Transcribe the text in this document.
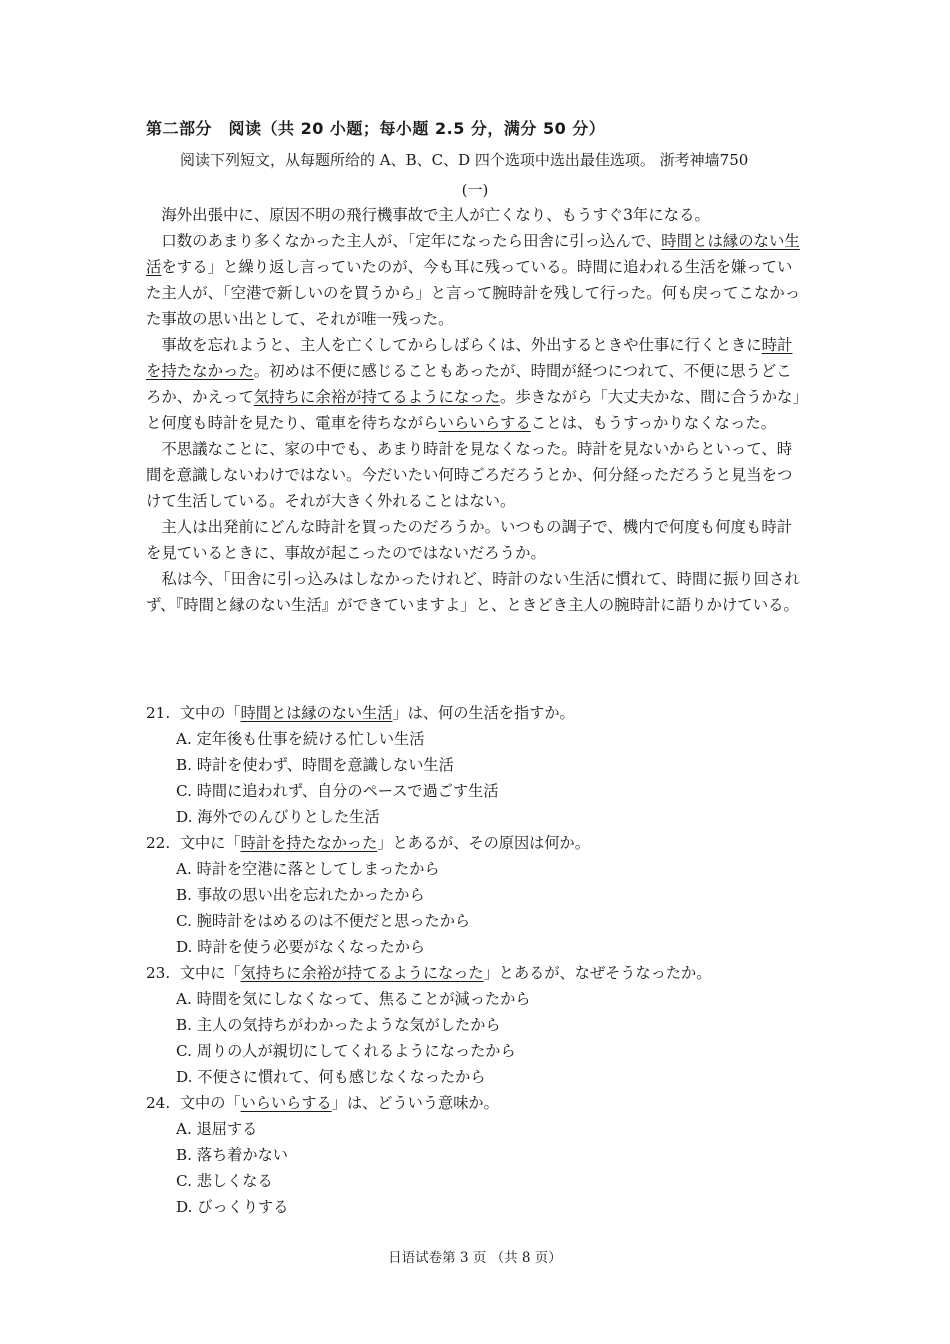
第二部分　阅读（共 20 小题；每小题 2.5 分，满分 50 分）
阅读下列短文，从每题所给的 A、B、C、D 四个选项中选出最佳选项。 浙考神墙750
(一)

海外出張中に、原因不明の飛行機事故で主人が亡くなり、もうすぐ3年になる。

口数のあまり多くなかった主人が、「定年になったら田舎に引っ込んで、時間とは縁のない生活をする」と繰り返し言っていたのが、今も耳に残っている。時間に追われる生活を嫌っていた主人が、「空港で新しいのを買うから」と言って腕時計を残して行った。何も戻ってこなかった事故の思い出として、それが唯一残った。

事故を忘れようと、主人を亡くしてからしばらくは、外出するときや仕事に行くときに時計を持たなかった。初めは不便に感じることもあったが、時間が経つにつれて、不便に思うどころか、かえって気持ちに余裕が持てるようになった。歩きながら「大丈夫かな、間に合うかな」と何度も時計を見たり、電車を待ちながらいらいらすることは、もうすっかりなくなった。

不思議なことに、家の中でも、あまり時計を見なくなった。時計を見ないからといって、時間を意識しないわけではない。今だいたい何時ごろだろうとか、何分経っただろうと見当をつけて生活している。それが大きく外れることはない。

主人は出発前にどんな時計を買ったのだろうか。いつもの調子で、機内で何度も何度も時計を見ているときに、事故が起こったのではないだろうか。

私は今、「田舎に引っ込みはしなかったけれど、時計のない生活に慣れて、時間に振り回されず、『時間と縁のない生活』ができていますよ」と、ときどき主人の腕時計に語りかけている。

21. 文中の「時間とは縁のない生活」は、何の生活を指すか。

A. 定年後も仕事を続ける忙しい生活

B. 時計を使わず、時間を意識しない生活

C. 時間に追われず、自分のペースで過ごす生活

D. 海外でのんびりとした生活

22. 文中に「時計を持たなかった」とあるが、その原因は何か。

A. 時計を空港に落としてしまったから

B. 事故の思い出を忘れたかったから

C. 腕時計をはめるのは不便だと思ったから

D. 時計を使う必要がなくなったから

23. 文中に「気持ちに余裕が持てるようになった」とあるが、なぜそうなったか。

A. 時間を気にしなくなって、焦ることが減ったから

B. 主人の気持ちがわかったような気がしたから

C. 周りの人が親切にしてくれるようになったから

D. 不便さに慣れて、何も感じなくなったから

24. 文中の「いらいらする」は、どういう意味か。

A. 退屈する

B. 落ち着かない

C. 悲しくなる

D. びっくりする

日语试卷第 3 页 （共 8 页）
